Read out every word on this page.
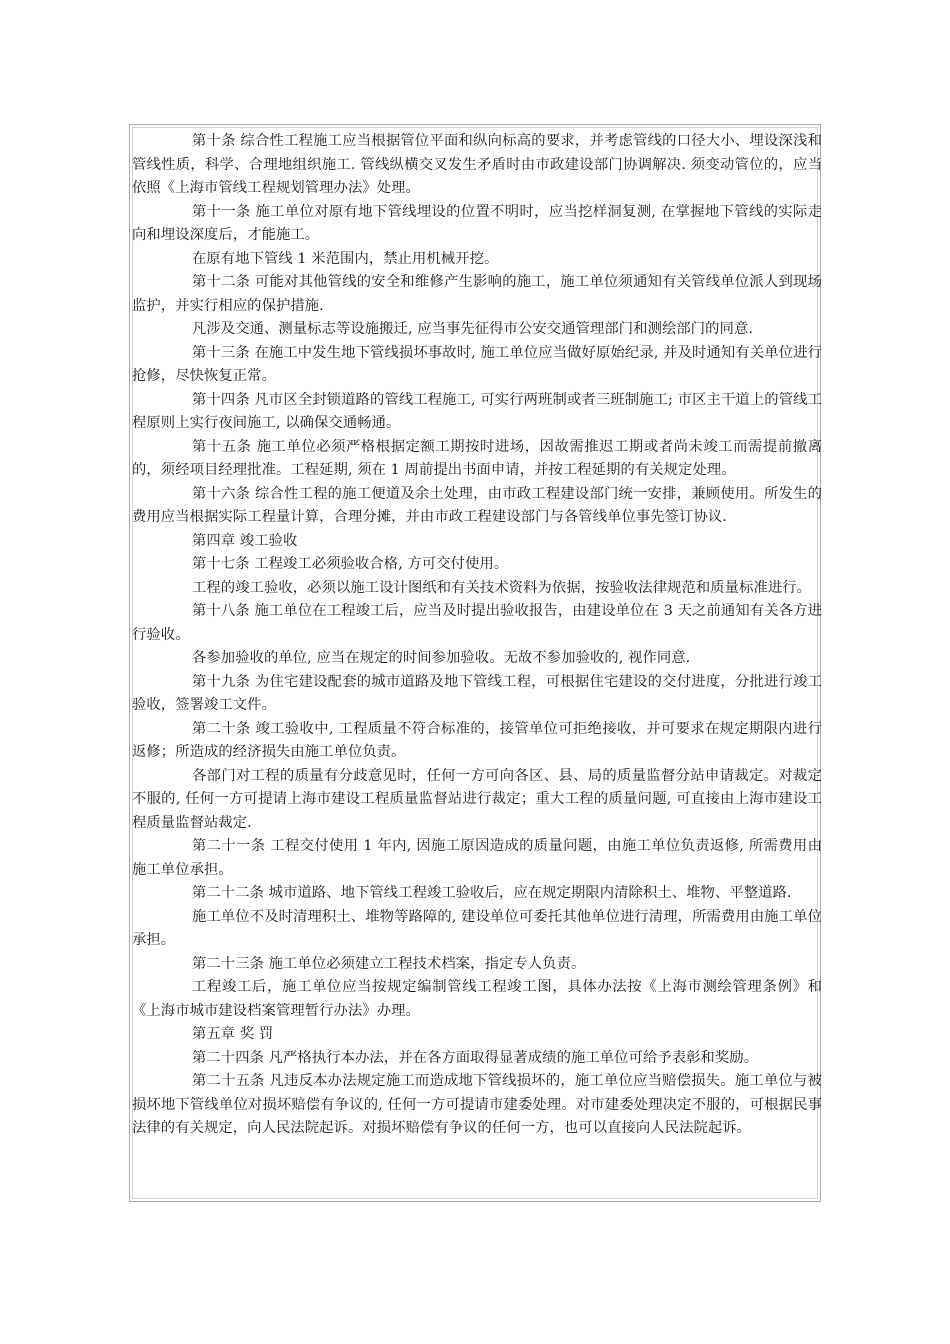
第十条 综合性工程施工应当根据管位平面和纵向标高的要求，并考虑管线的口径大小、埋设深浅和管线性质，科学、合理地组织施工. 管线纵横交叉发生矛盾时由市政建设部门协调解决. 须变动管位的，应当依照《上海市管线工程规划管理办法》处理。

第十一条 施工单位对原有地下管线埋设的位置不明时，应当挖样洞复测, 在掌握地下管线的实际走向和埋设深度后，才能施工。

在原有地下管线 1 米范围内，禁止用机械开挖。

第十二条 可能对其他管线的安全和维修产生影响的施工，施工单位须通知有关管线单位派人到现场监护，并实行相应的保护措施.

凡涉及交通、测量标志等设施搬迁, 应当事先征得市公安交通管理部门和测绘部门的同意.

第十三条 在施工中发生地下管线损坏事故时, 施工单位应当做好原始纪录, 并及时通知有关单位进行抢修，尽快恢复正常。

第十四条 凡市区全封锁道路的管线工程施工, 可实行两班制或者三班制施工; 市区主干道上的管线工程原则上实行夜间施工, 以确保交通畅通。

第十五条 施工单位必须严格根据定额工期按时进场，因故需推迟工期或者尚未竣工而需提前撤离的，须经项目经理批准。工程延期, 须在 1 周前提出书面申请，并按工程延期的有关规定处理。

第十六条 综合性工程的施工便道及余土处理，由市政工程建设部门统一安排，兼顾使用。所发生的费用应当根据实际工程量计算，合理分摊，并由市政工程建设部门与各管线单位事先签订协议.

第四章 竣工验收

第十七条 工程竣工必须验收合格, 方可交付使用。

工程的竣工验收，必须以施工设计图纸和有关技术资料为依据，按验收法律规范和质量标准进行。

第十八条 施工单位在工程竣工后，应当及时提出验收报告，由建设单位在 3 天之前通知有关各方进行验收。

各参加验收的单位, 应当在规定的时间参加验收。无故不参加验收的, 视作同意.

第十九条 为住宅建设配套的城市道路及地下管线工程，可根据住宅建设的交付进度，分批进行竣工验收，签署竣工文件。

第二十条 竣工验收中, 工程质量不符合标准的，接管单位可拒绝接收，并可要求在规定期限内进行返修；所造成的经济损失由施工单位负责。

各部门对工程的质量有分歧意见时，任何一方可向各区、县、局的质量监督分站申请裁定。对裁定不服的, 任何一方可提请上海市建设工程质量监督站进行裁定；重大工程的质量问题, 可直接由上海市建设工程质量监督站裁定.

第二十一条 工程交付使用 1 年内, 因施工原因造成的质量问题，由施工单位负责返修, 所需费用由施工单位承担。

第二十二条 城市道路、地下管线工程竣工验收后，应在规定期限内清除积土、堆物、平整道路.

施工单位不及时清理积土、堆物等路障的, 建设单位可委托其他单位进行清理，所需费用由施工单位承担。

第二十三条 施工单位必须建立工程技术档案，指定专人负责。

工程竣工后，施工单位应当按规定编制管线工程竣工图，具体办法按《上海市测绘管理条例》和《上海市城市建设档案管理暂行办法》办理。

第五章 奖 罚

第二十四条 凡严格执行本办法，并在各方面取得显著成绩的施工单位可给予表彰和奖励。

第二十五条 凡违反本办法规定施工而造成地下管线损坏的，施工单位应当赔偿损失。施工单位与被损坏地下管线单位对损坏赔偿有争议的, 任何一方可提请市建委处理。对市建委处理决定不服的，可根据民事法律的有关规定，向人民法院起诉。对损坏赔偿有争议的任何一方，也可以直接向人民法院起诉。
